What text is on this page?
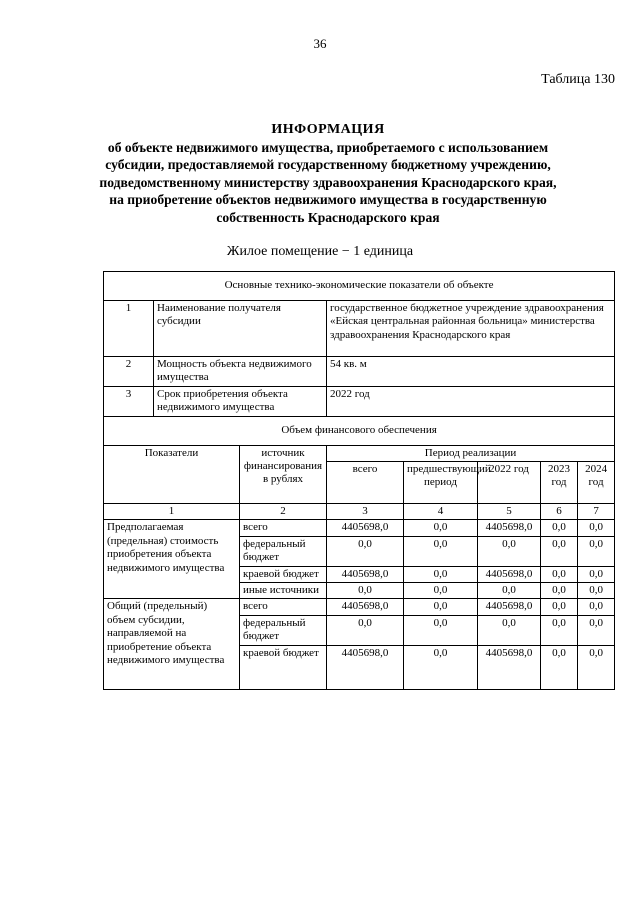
36
Таблица 130
ИНФОРМАЦИЯ
об объекте недвижимого имущества, приобретаемого с использованием
субсидии, предоставляемой государственному бюджетному учреждению,
подведомственному министерству здравоохранения Краснодарского края,
на приобретение объектов недвижимого имущества в государственную
собственность Краснодарского края
Жилое помещение − 1 единица
Основные технико-экономические показатели об объекте							
1	Наименование получателя субсидии		государственное бюджетное учреждение здравоохранения «Ейская центральная районная больница» министерства здравоохранения Краснодарского края				
2	Мощность объекта недвижимого имущества		54 кв. м				
3	Срок приобретения объекта недвижимого имущества		2022 год				
Объем финансового обеспечения							
Показатели		источник финансирования в рублях	Период реализации				
			всего	предшествующий период	2022 год	2023 год	2024 год
1		2	3	4	5	6	7
Предполагаемая (предельная) стоимость приобретения объекта недвижимого имущества		всего	4405698,0	0,0	4405698,0	0,0	0,0
		федеральный бюджет	0,0	0,0	0,0	0,0	0,0
		краевой бюджет	4405698,0	0,0	4405698,0	0,0	0,0
		иные источники	0,0	0,0	0,0	0,0	0,0
Общий (предельный) объем субсидии, направляемой на приобретение объекта недвижимого имущества		всего	4405698,0	0,0	4405698,0	0,0	0,0
		федеральный бюджет	0,0	0,0	0,0	0,0	0,0
		краевой бюджет	4405698,0	0,0	4405698,0	0,0	0,0
